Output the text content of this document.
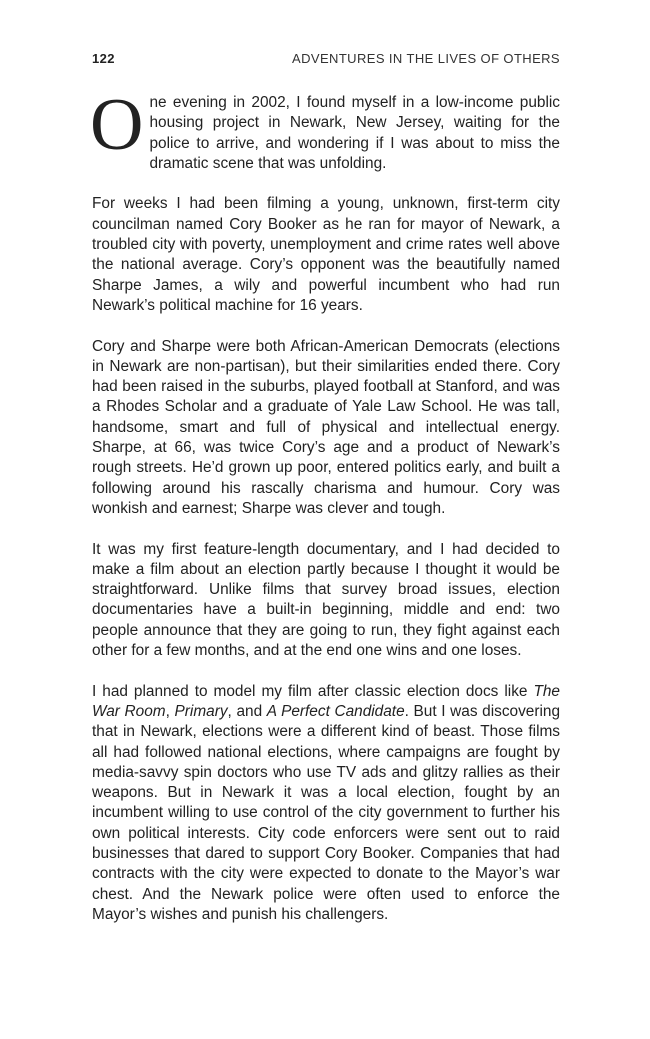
122	ADVENTURES IN THE LIVES OF OTHERS

One evening in 2002, I found myself in a low-income public housing project in Newark, New Jersey, waiting for the police to arrive, and wondering if I was about to miss the dramatic scene that was unfolding.

For weeks I had been filming a young, unknown, first-term city councilman named Cory Booker as he ran for mayor of Newark, a troubled city with poverty, unemployment and crime rates well above the national average. Cory’s opponent was the beautifully named Sharpe James, a wily and powerful incumbent who had run Newark’s political machine for 16 years.

Cory and Sharpe were both African-American Democrats (elections in Newark are non-partisan), but their similarities ended there. Cory had been raised in the suburbs, played football at Stanford, and was a Rhodes Scholar and a graduate of Yale Law School. He was tall, handsome, smart and full of physical and intellectual energy. Sharpe, at 66, was twice Cory’s age and a product of Newark’s rough streets. He’d grown up poor, entered politics early, and built a following around his rascally charisma and humour. Cory was wonkish and earnest; Sharpe was clever and tough.

It was my first feature-length documentary, and I had decided to make a film about an election partly because I thought it would be straightforward. Unlike films that survey broad issues, election documentaries have a built-in beginning, middle and end: two people announce that they are going to run, they fight against each other for a few months, and at the end one wins and one loses.

I had planned to model my film after classic election docs like The War Room, Primary, and A Perfect Candidate. But I was discovering that in Newark, elections were a different kind of beast. Those films all had followed national elections, where campaigns are fought by media-savvy spin doctors who use TV ads and glitzy rallies as their weapons. But in Newark it was a local election, fought by an incumbent willing to use control of the city government to further his own political interests. City code enforcers were sent out to raid businesses that dared to support Cory Booker. Companies that had contracts with the city were expected to donate to the Mayor’s war chest. And the Newark police were often used to enforce the Mayor’s wishes and punish his challengers.
